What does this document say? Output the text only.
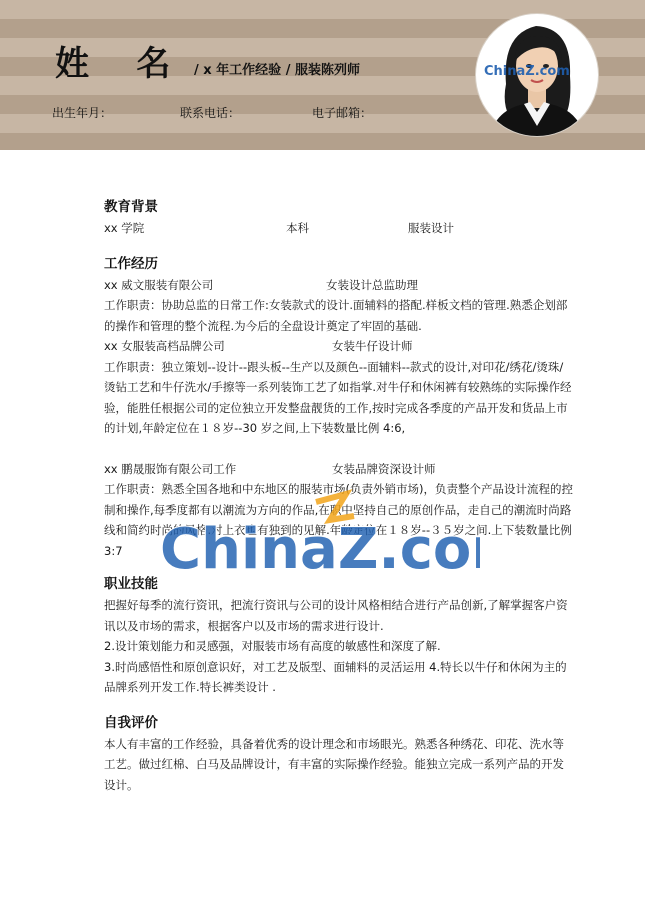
姓    名 / x 年工作经验 / 服装陈列师
出生年月：	联系电话：	电子邮箱：
ChinaZ.com

教育背景

xx 学院	本科	服装设计

工作经历

xx 威文服装有限公司	女装设计总监助理

工作职责：协助总监的日常工作:女装款式的设计.面辅料的搭配.样板文档的管理.熟悉企划部的操作和管理的整个流程.为今后的全盘设计奠定了牢固的基础.

xx 女服装高档品牌公司	女装牛仔设计师

工作职责：独立策划--设计--跟头板--生产以及颜色--面辅料--款式的设计,对印花/绣花/烫珠/烫钻工艺和牛仔洗水/手擦等一系列装饰工艺了如指掌.对牛仔和休闲裤有较熟练的实际操作经验，能胜任根据公司的定位独立开发整盘靓货的工作,按时完成各季度的产品开发和货品上市的计划,年龄定位在１８岁--30 岁之间,上下装数量比例 4:6,

xx 鹏晟服饰有限公司工作	女装品牌资深设计师

工作职责：熟悉全国各地和中东地区的服装市场(负责外销市场)，负责整个产品设计流程的控制和操作,每季度都有以潮流为方向的作品,在职中坚持自己的原创作品，走自己的潮流时尚路线和简约时尚的风格.对上衣也有独到的见解.年龄定位在１８岁--３５岁之间.上下装数量比例 3:7

职业技能

把握好每季的流行资讯，把流行资讯与公司的设计风格相结合进行产品创新,了解掌握客户资讯以及市场的需求，根据客户以及市场的需求进行设计.

2.设计策划能力和灵感强，对服装市场有高度的敏感性和深度了解.

3.时尚感悟性和原创意识好，对工艺及版型、面辅料的灵活运用 4.特长以牛仔和休闲为主的品牌系列开发工作.特长裤类设计 .

自我评价

本人有丰富的工作经验，具备着优秀的设计理念和市场眼光。熟悉各种绣花、印花、洗水等工艺。做过红棉、白马及品牌设计，有丰富的实际操作经验。能独立完成一系列产品的开发设计。

ChinaZ.co
